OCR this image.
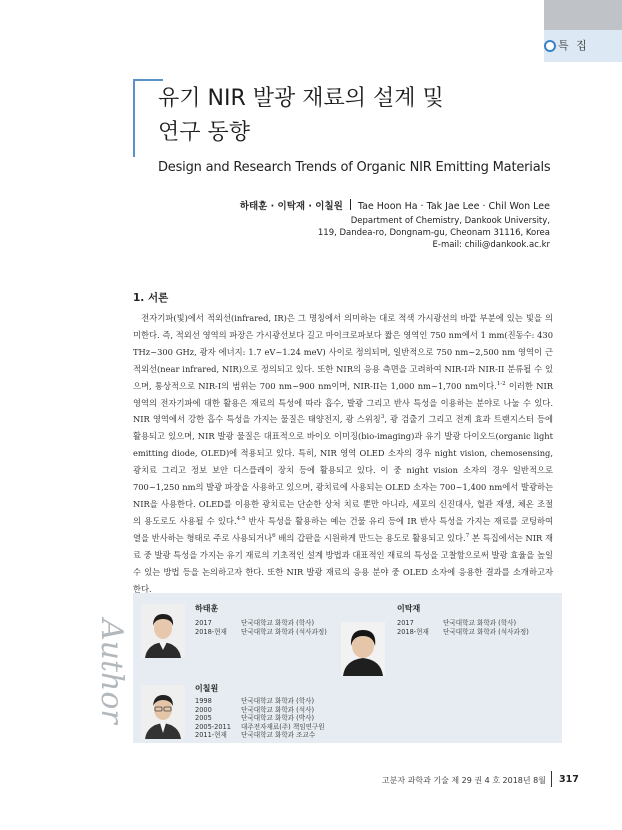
특 집
유기 NIR 발광 재료의 설계 및
연구 동향
Design and Research Trends of Organic NIR Emitting Materials
하태훈 · 이탁재 · 이칠원 Tae Hoon Ha · Tak Jae Lee · Chil Won Lee
Department of Chemistry, Dankook University,
119, Dandea-ro, Dongnam-gu, Cheonam 31116, Korea
E-mail: chili@dankook.ac.kr
1. 서론

전자기파(빛)에서 적외선(infrared, IR)은 그 명칭에서 의미하는 대로 적색 가시광선의 바깥 부분에 있는 빛을 의미한다. 즉, 적외선 영역의 파장은 가시광선보다 길고 마이크로파보다 짧은 영역인 750 nm에서 1 mm(진동수: 430 THz~300 GHz, 광자 에너지: 1.7 eV~1.24 meV) 사이로 정의되며, 일반적으로 750 nm~2,500 nm 영역이 근적외선(near infrared, NIR)으로 정의되고 있다. 또한 NIR의 응용 측면을 고려하여 NIR-I과 NIR-II 분류될 수 있으며, 통상적으로 NIR-I의 범위는 700 nm~900 nm이며, NIR-II는 1,000 nm~1,700 nm이다.$^{1-2}$ 이러한 NIR 영역의 전자기파에 대한 활용은 재료의 특성에 따라 흡수, 발광 그리고 반사 특성을 이용하는 분야로 나눌 수 있다. NIR 영역에서 강한 흡수 특성을 가지는 물질은 태양전지, 광 스위칭$^3$, 광 검출기 그리고 전계 효과 트랜지스터 등에 활용되고 있으며, NIR 발광 물질은 대표적으로 바이오 이미징(bio-imaging)과 유기 발광 다이오드(organic light emitting diode, OLED)에 적용되고 있다. 특히, NIR 영역 OLED 소자의 경우 night vision, chemosensing, 광치료 그리고 정보 보안 디스플레이 장치 등에 활용되고 있다. 이 중 night vision 소자의 경우 일반적으로 700~1,250 nm의 발광 파장을 사용하고 있으며, 광치료에 사용되는 OLED 소자는 700~1,400 nm에서 발광하는 NIR을 사용한다. OLED를 이용한 광치료는 단순한 상처 치료 뿐만 아니라, 세포의 신진대사, 혈관 재생, 체온 조절의 용도로도 사용될 수 있다.$^{4-5}$ 반사 특성을 활용하는 예는 건물 유리 등에 IR 반사 특성을 가지는 재료를 코팅하여 열을 반사하는 형태로 주로 사용되거나$^6$ 배의 갑판을 시원하게 만드는 용도로 활용되고 있다.$^7$ 본 특집에서는 NIR 재료 중 발광 특성을 가지는 유기 재료의 기초적인 설계 방법과 대표적인 재료의 특성을 고찰함으로써 발광 효율을 높일 수 있는 방법 등을 논의하고자 한다. 또한 NIR 발광 재료의 응용 분야 중 OLED 소자에 응용한 결과를 소개하고자 한다.

Author
하태훈
2017	단국대학교 화학과 (학사)
2018-현재	단국대학교 화학과 (석사과정)
이탁재
2017	단국대학교 화학과 (학사)
2018-현재	단국대학교 화학과 (석사과정)
이칠원
1998	단국대학교 화학과 (학사)
2000	단국대학교 화학과 (석사)
2005	단국대학교 화학과 (박사)
2005-2011	대주전자재료(주) 책임연구원
2011-현재	단국대학교 화학과 조교수
고분자 과학과 기술 제 29 권 4 호 2018년 8월 317
